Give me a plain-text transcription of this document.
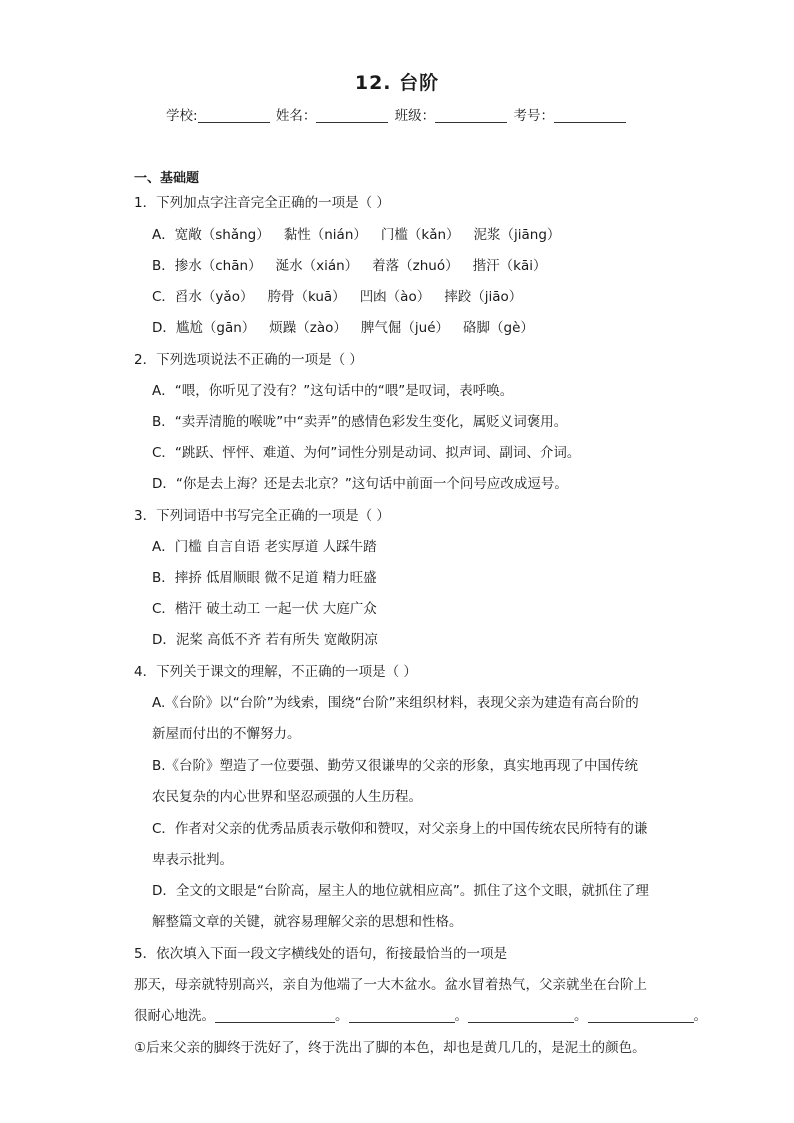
12. 台阶
学校:	姓名：	班级：	考号：
一、基础题
1．下列加点字注音完全正确的一项是（ ）
A．宽敞（shǎng） 黏性（nián） 门槛（kǎn） 泥浆（jiāng）
B．掺水（chān） 涎水（xián） 着落（zhuó） 揩汗（kāi）
C．舀水（yǎo） 胯骨（kuā） 凹凼（ào） 摔跤（jiāo）
D．尴尬（gān） 烦躁（zào） 脾气倔（jué） 硌脚（gè）
2．下列选项说法不正确的一项是（ ）
A．“喂，你听见了没有？”这句话中的“喂”是叹词，表呼唤。
B．“卖弄清脆的喉咙”中“卖弄”的感情色彩发生变化，属贬义词褒用。
C．“跳跃、怦怦、难道、为何”词性分别是动词、拟声词、副词、介词。
D．“你是去上海？还是去北京？”这句话中前面一个问号应改成逗号。
3．下列词语中书写完全正确的一项是（ ）
A．门槛 自言自语 老实厚道 人踩牛踏
B．摔挢 低眉顺眼 微不足道 精力旺盛
C．楷汗 破土动工 一起一伏 大庭广众
D．泥桨 高低不齐 若有所失 宽敞阴凉
4．下列关于课文的理解，不正确的一项是（ ）
A.《台阶》以“台阶”为线索，围绕“台阶”来组织材料，表现父亲为建造有高台阶的
新屋而付出的不懈努力。
B.《台阶》塑造了一位要强、勤劳又很谦卑的父亲的形象，真实地再现了中国传统
农民复杂的内心世界和坚忍顽强的人生历程。
C．作者对父亲的优秀品质表示敬仰和赞叹，对父亲身上的中国传统农民所特有的谦
卑表示批判。
D．全文的文眼是“台阶高，屋主人的地位就相应高”。抓住了这个文眼，就抓住了理
解整篇文章的关键，就容易理解父亲的思想和性格。
5．依次填入下面一段文字横线处的语句，衔接最恰当的一项是
那天，母亲就特别高兴，亲自为他端了一大木盆水。盆水冒着热气，父亲就坐在台阶上
很耐心地洗。	。	。	。	。
①后来父亲的脚终于洗好了，终于洗出了脚的本色，却也是黄几几的，是泥土的颜色。
